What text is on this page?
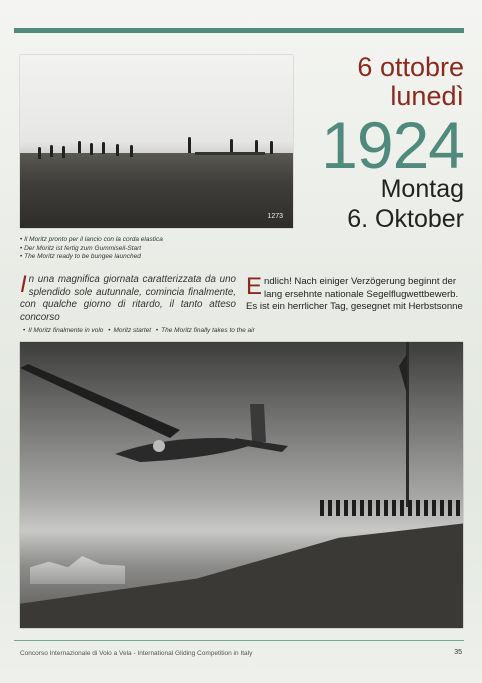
1273
6 ottobre
lunedì
1924
Montag
6. Oktober
• Il Moritz pronto per il lancio con la corda elastica
• Der Moritz ist fertig zum Gummiseil-Start
• The Moritz ready to be bungee launched
In una magnifica giornata caratterizzata da uno splendido sole autunnale, comincia finalmente, con qualche giorno di ritardo, il tanto atteso concorso
Endlich! Nach einiger Verzögerung beginnt der lang ersehnte nationale Segelflugwettbewerb. Es ist ein herrlicher Tag, gesegnet mit Herbstsonne
• Il Moritz finalmente in volo • Moritz startet • The Moritz finally takes to the air
Concorso Internazionale di Volo a Vela - International Gliding Competition in Italy	35
